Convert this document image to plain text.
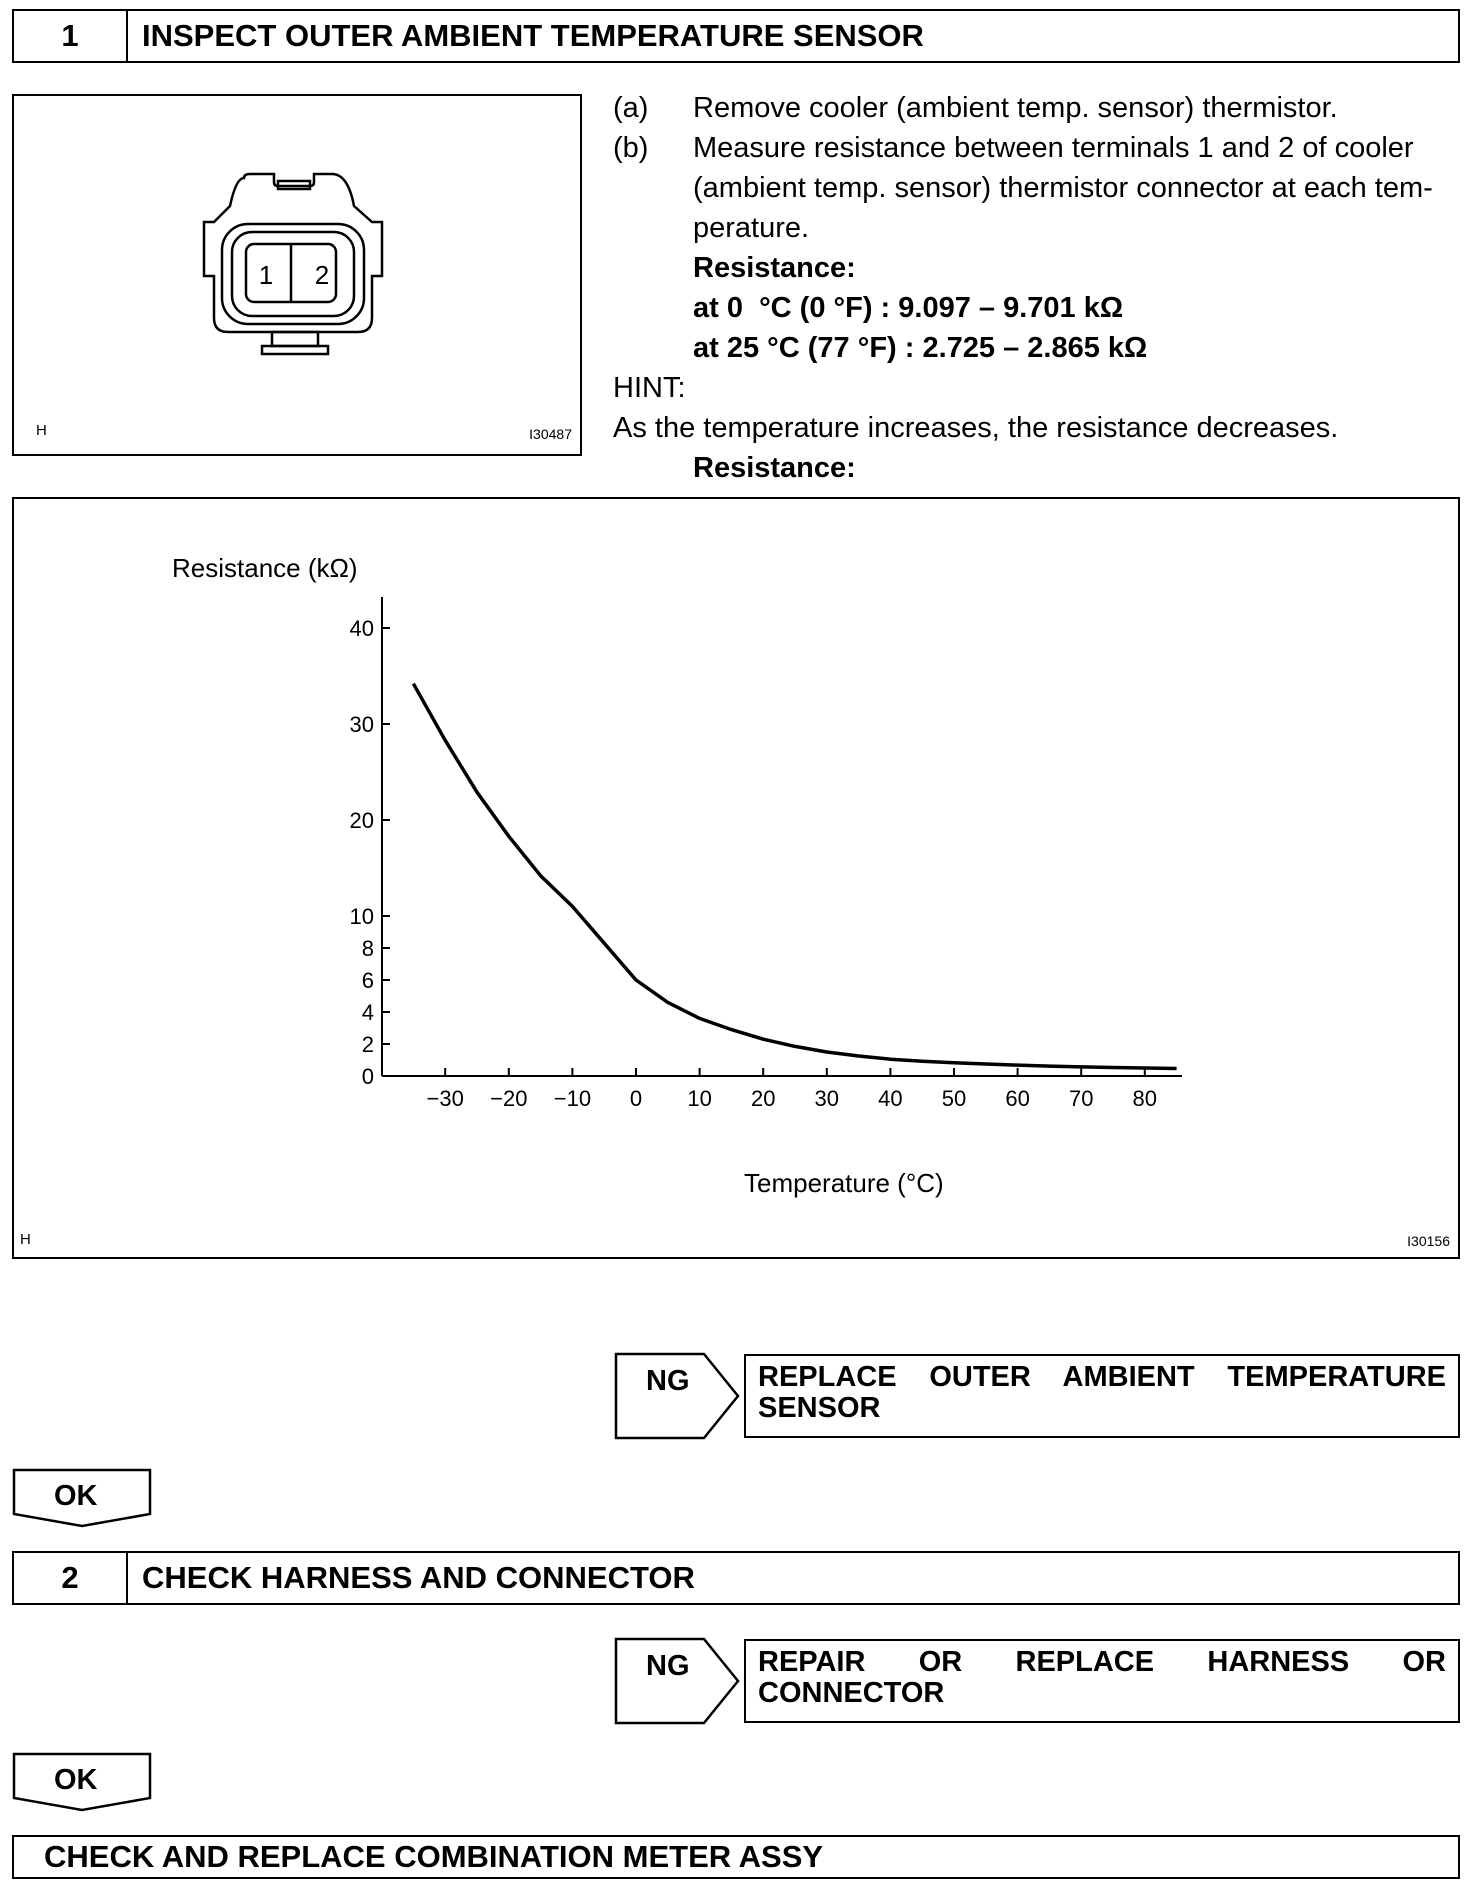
1	INSPECT OUTER AMBIENT TEMPERATURE SENSOR
1 2
H	I30487
(a) Remove cooler (ambient temp. sensor) thermistor.
(b) Measure resistance between terminals 1 and 2 of cooler
(ambient temp. sensor) thermistor connector at each tem-
perature.
Resistance:
at 0  °C (0 °F) : 9.097 – 9.701 kΩ
at 25 °C (77 °F) : 2.725 – 2.865 kΩ
HINT:
As the temperature increases, the resistance decreases.
Resistance:
Resistance (kΩ)
Temperature (°C)
0
2
4
6
8
10
20
30
40
−30 −20 −10 0 10 20 30 40 50 60 70 80
H	I30156
NG	REPLACE OUTER AMBIENT TEMPERATURE SENSOR
OK
2	CHECK HARNESS AND CONNECTOR
NG	REPAIR OR REPLACE HARNESS OR CONNECTOR
OK
CHECK AND REPLACE COMBINATION METER ASSY
